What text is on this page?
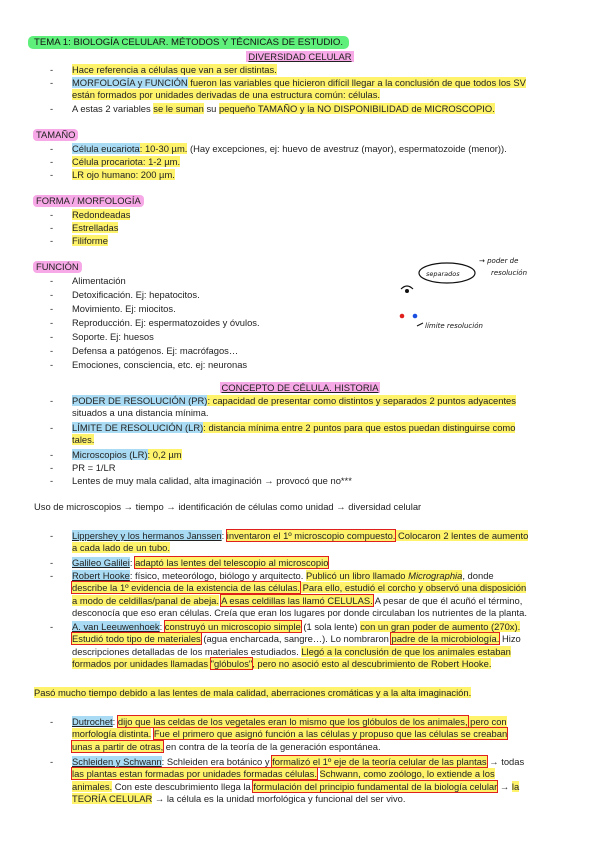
TEMA 1: BIOLOGÍA CELULAR. MÉTODOS Y TÉCNICAS DE ESTUDIO.
DIVERSIDAD CELULAR
- Hace referencia a células que van a ser distintas.
- MORFOLOGÍA y FUNCIÓN fueron las variables que hicieron difícil llegar a la conclusión de que todos los SV
están formados por unidades derivadas de una estructura común: células.
- A estas 2 variables se le suman su pequeño TAMAÑO y la NO DISPONIBILIDAD de MICROSCOPIO.
TAMAÑO
- Célula eucariota: 10-30 µm. (Hay excepciones, ej: huevo de avestruz (mayor), espermatozoide (menor)).
- Célula procariota: 1-2 µm.
- LR ojo humano: 200 µm.
FORMA / MORFOLOGÍA
- Redondeadas
- Estrelladas
- Filiforme
FUNCIÓN
- Alimentación
- Detoxificación. Ej: hepatocitos.
- Movimiento. Ej: miocitos.
- Reproducción. Ej: espermatozoides y óvulos.
- Soporte. Ej: huesos
- Defensa a patógenos. Ej: macrófagos…
- Emociones, consciencia, etc. ej: neuronas
separados
→ poder de
resolución
límite resolución
CONCEPTO DE CÉLULA. HISTORIA
- PODER DE RESOLUCIÓN (PR): capacidad de presentar como distintos y separados 2 puntos adyacentes
situados a una distancia mínima.
- LÍMITE DE RESOLUCIÓN (LR): distancia mínima entre 2 puntos para que estos puedan distinguirse como
tales.
- Microscopios (LR): 0,2 µm
- PR = 1/LR
- Lentes de muy mala calidad, alta imaginación → provocó que no***
Uso de microscopios → tiempo → identificación de células como unidad → diversidad celular
- Lippershey y los hermanos Janssen: inventaron el 1º microscopio compuesto. Colocaron 2 lentes de aumento
a cada lado de un tubo.
- Galileo Galilei: adaptó las lentes del telescopio al microscopio
- Robert Hooke: físico, meteorólogo, biólogo y arquitecto. Publicó un libro llamado Micrographia, donde
describe la 1º evidencia de la existencia de las células. Para ello, estudió el corcho y observó una disposición
a modo de celdillas/panal de abeja. A esas celdillas las llamó CELULAS. A pesar de que él acuñó el término,
desconocía que eso eran células. Creía que eran los lugares por donde circulaban los nutrientes de la planta.
- A. van Leeuwenhoek: construyó un microscopio simple (1 sola lente) con un gran poder de aumento (270x).
Estudió todo tipo de materiales (agua encharcada, sangre…). Lo nombraron padre de la microbiología. Hizo
descripciones detalladas de los materiales estudiados. Llegó a la conclusión de que los animales estaban
formados por unidades llamadas "glóbulos", pero no asoció esto al descubrimiento de Robert Hooke.
Pasó mucho tiempo debido a las lentes de mala calidad, aberraciones cromáticas y a la alta imaginación.
- Dutrochet: dijo que las celdas de los vegetales eran lo mismo que los glóbulos de los animales, pero con
morfología distinta. Fue el primero que asignó función a las células y propuso que las células se creaban
unas a partir de otras, en contra de la teoría de la generación espontánea.
- Schleiden y Schwann: Schleiden era botánico y formalizó el 1º eje de la teoría celular de las plantas → todas
las plantas estan formadas por unidades formadas células. Schwann, como zoólogo, lo extiende a los
animales. Con este descubrimiento llega la formulación del principio fundamental de la biología celular → la
TEORÍA CELULAR → la célula es la unidad morfológica y funcional del ser vivo.
